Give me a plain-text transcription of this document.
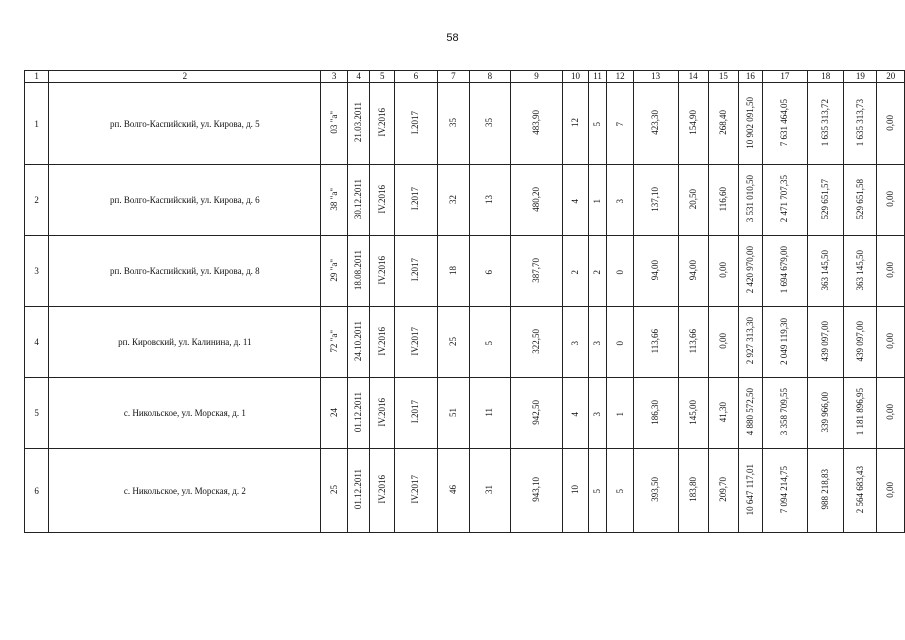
58
1	2	3	4	5	6	7	8	9	10	11	12	13	14	15	16	17	18	19	20
1	рп. Волго-Каспийский, ул. Кирова, д. 5	03 "а"	21.03.2011	IV.2016	I.2017	35	35	483,90	12	5	7	423,30	154,90	268,40	10 902 091,50	7 631 464,05	1 635 313,72	1 635 313,73	0,00
2	рп. Волго-Каспийский, ул. Кирова, д. 6	38 "а"	30.12.2011	IV.2016	I.2017	32	13	480,20	4	1	3	137,10	20,50	116,60	3 531 010,50	2 471 707,35	529 651,57	529 651,58	0,00
3	рп. Волго-Каспийский, ул. Кирова, д. 8	29 "а"	18.08.2011	IV.2016	I.2017	18	6	387,70	2	2	0	94,00	94,00	0,00	2 420 970,00	1 694 679,00	363 145,50	363 145,50	0,00
4	рп. Кировский, ул. Калинина, д. 11	72 "а"	24.10.2011	IV.2016	IV.2017	25	5	322,50	3	3	0	113,66	113,66	0,00	2 927 313,30	2 049 119,30	439 097,00	439 097,00	0,00
5	с. Никольское, ул. Морская, д. 1	24	01.12.2011	IV.2016	I.2017	51	11	942,50	4	3	1	186,30	145,00	41,30	4 880 572,50	3 358 709,55	339 966,00	1 181 896,95	0,00
6	с. Никольское, ул. Морская, д. 2	25	01.12.2011	IV.2016	IV.2017	46	31	943,10	10	5	5	393,50	183,80	209,70	10 647 117,01	7 094 214,75	988 218,83	2 564 683,43	0,00
